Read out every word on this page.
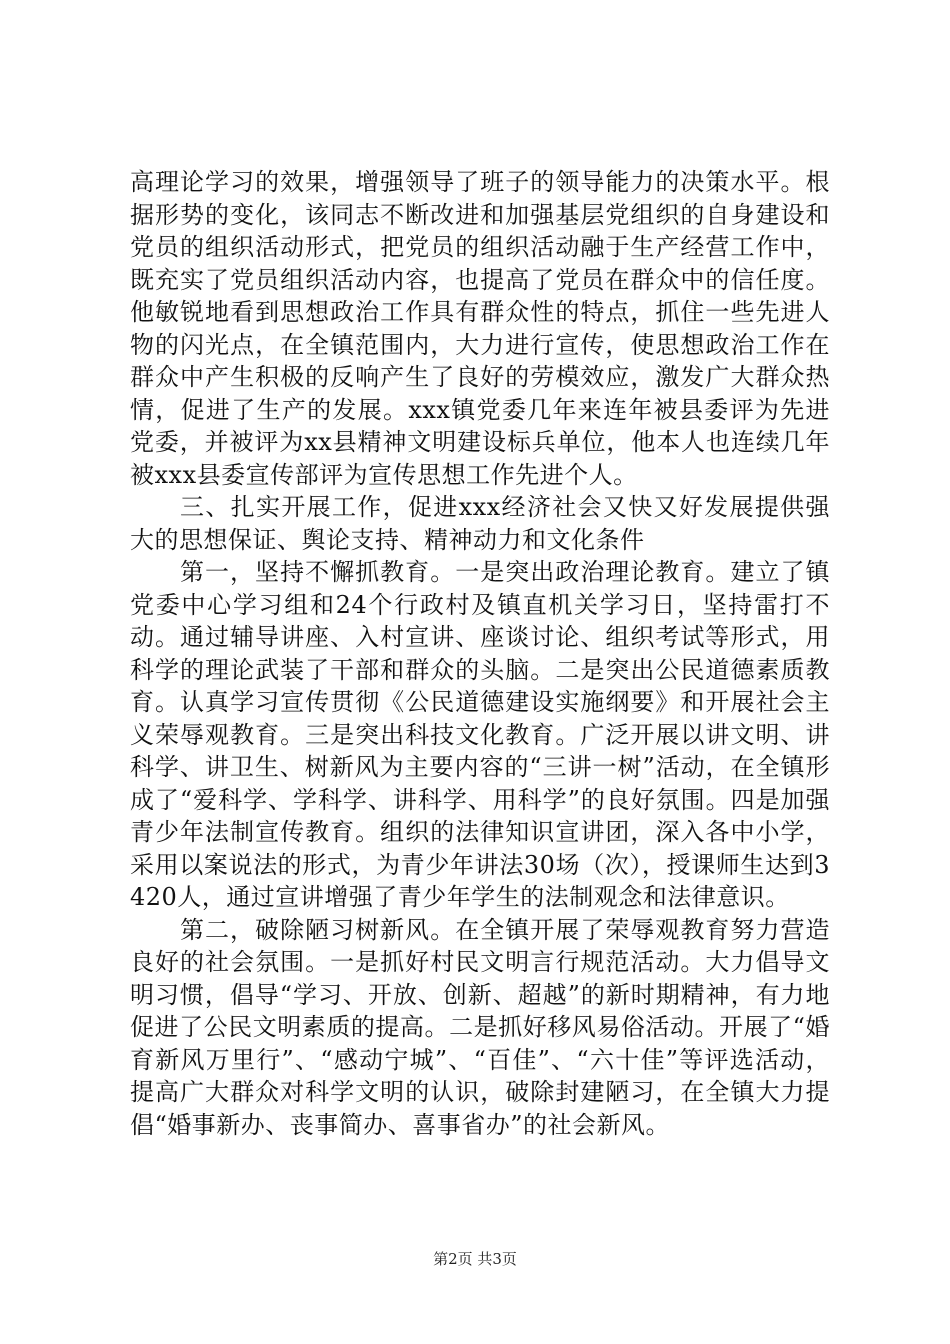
高理论学习的效果，增强领导了班子的领导能力的决策水平。根据形势的变化，该同志不断改进和加强基层党组织的自身建设和党员的组织活动形式，把党员的组织活动融于生产经营工作中，既充实了党员组织活动内容，也提高了党员在群众中的信任度。他敏锐地看到思想政治工作具有群众性的特点，抓住一些先进人物的闪光点，在全镇范围内，大力进行宣传，使思想政治工作在群众中产生积极的反响产生了良好的劳模效应，激发广大群众热情，促进了生产的发展。xxx镇党委几年来连年被县委评为先进党委，并被评为xx县精神文明建设标兵单位，他本人也连续几年被xxx县委宣传部评为宣传思想工作先进个人。

三、扎实开展工作，促进xxx经济社会又快又好发展提供强大的思想保证、舆论支持、精神动力和文化条件

第一，坚持不懈抓教育。一是突出政治理论教育。建立了镇党委中心学习组和24个行政村及镇直机关学习日，坚持雷打不动。通过辅导讲座、入村宣讲、座谈讨论、组织考试等形式，用科学的理论武装了干部和群众的头脑。二是突出公民道德素质教育。认真学习宣传贯彻《公民道德建设实施纲要》和开展社会主义荣辱观教育。三是突出科技文化教育。广泛开展以讲文明、讲科学、讲卫生、树新风为主要内容的“三讲一树”活动，在全镇形成了“爱科学、学科学、讲科学、用科学”的良好氛围。四是加强青少年法制宣传教育。组织的法律知识宣讲团，深入各中小学，采用以案说法的形式，为青少年讲法30场（次），授课师生达到3420人，通过宣讲增强了青少年学生的法制观念和法律意识。

第二，破除陋习树新风。在全镇开展了荣辱观教育努力营造良好的社会氛围。一是抓好村民文明言行规范活动。大力倡导文明习惯，倡导“学习、开放、创新、超越”的新时期精神，有力地促进了公民文明素质的提高。二是抓好移风易俗活动。开展了“婚育新风万里行”、“感动宁城”、“百佳”、“六十佳”等评选活动，提高广大群众对科学文明的认识，破除封建陋习，在全镇大力提倡“婚事新办、丧事简办、喜事省办”的社会新风。

第2页 共3页
